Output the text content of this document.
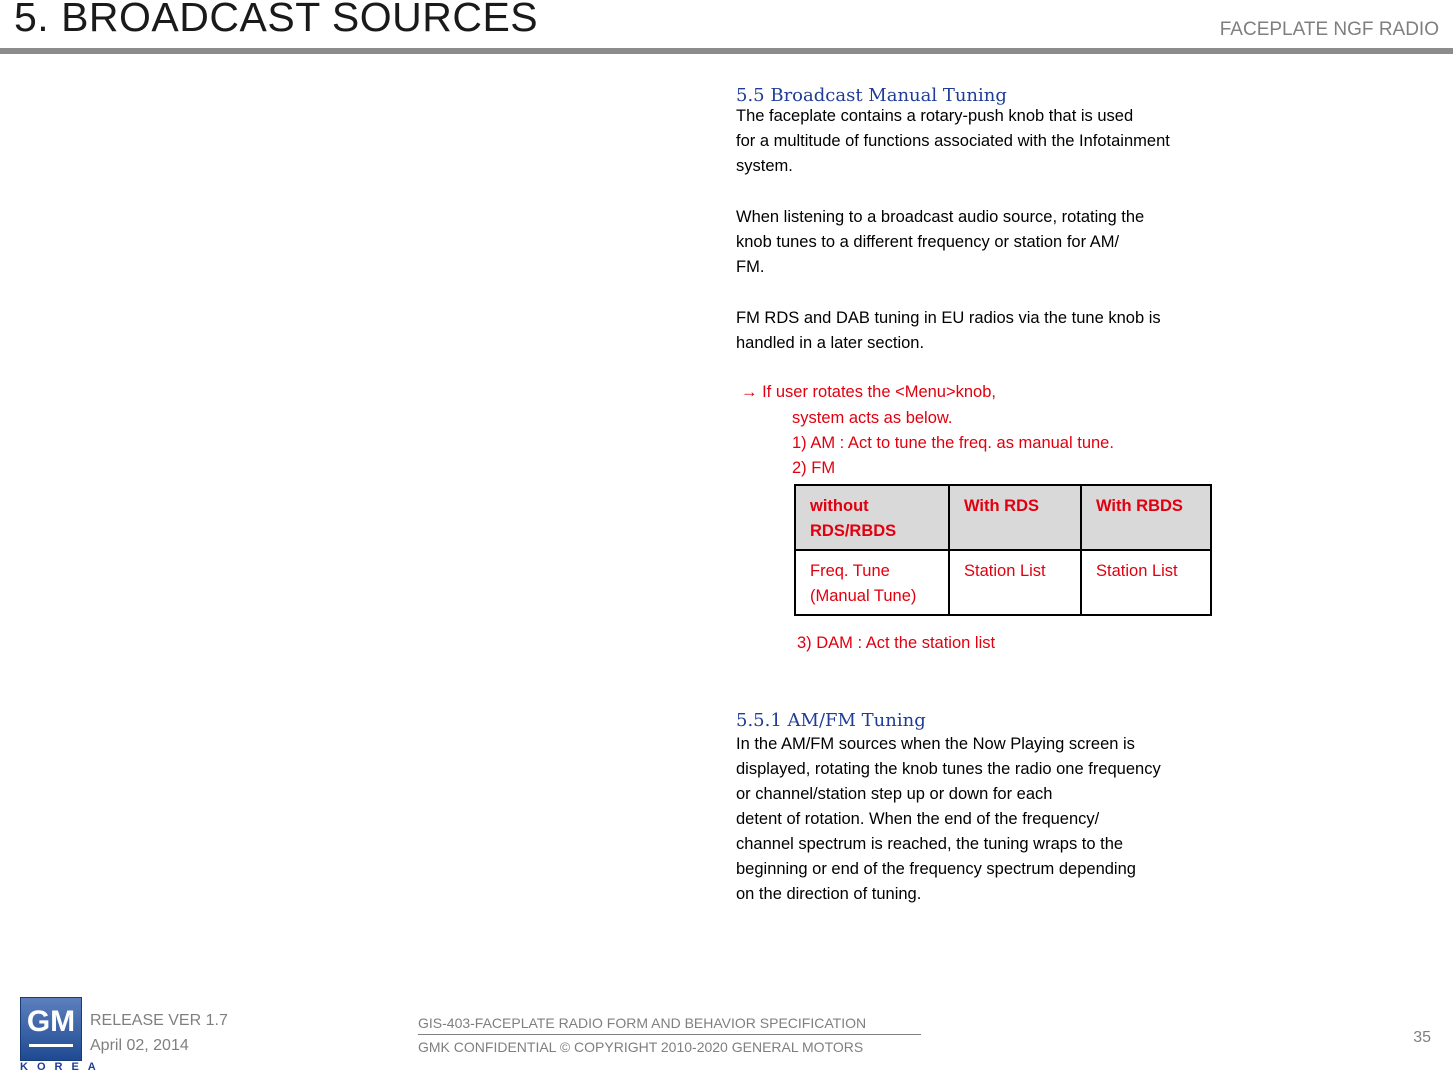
5. BROADCAST SOURCES	FACEPLATE NGF RADIO
5.5 Broadcast Manual Tuning
The faceplate contains a rotary-push knob that is used
for a multitude of functions associated with the Infotainment
system.
When listening to a broadcast audio source, rotating the
knob tunes to a different frequency or station for AM/
FM.
FM RDS and DAB tuning in EU radios via the tune knob is
handled in a later section.
→ If user rotates the <Menu>knob,
system acts as below.
1) AM : Act to tune the freq. as manual tune.
2) FM
without RDS/RBDS	With RDS	With RBDS
Freq. Tune (Manual Tune)	Station List	Station List
3) DAM : Act the station list
5.5.1 AM/FM Tuning
In the AM/FM sources when the Now Playing screen is
displayed, rotating the knob tunes the radio one frequency
or channel/station step up or down for each
detent of rotation. When the end of the frequency/
channel spectrum is reached, the tuning wraps to the
beginning or end of the frequency spectrum depending
on the direction of tuning.
GM
KOREA
RELEASE VER 1.7
April 02, 2014
GIS-403-FACEPLATE RADIO FORM AND BEHAVIOR SPECIFICATION
GMK CONFIDENTIAL © COPYRIGHT 2010-2020 GENERAL MOTORS
35
